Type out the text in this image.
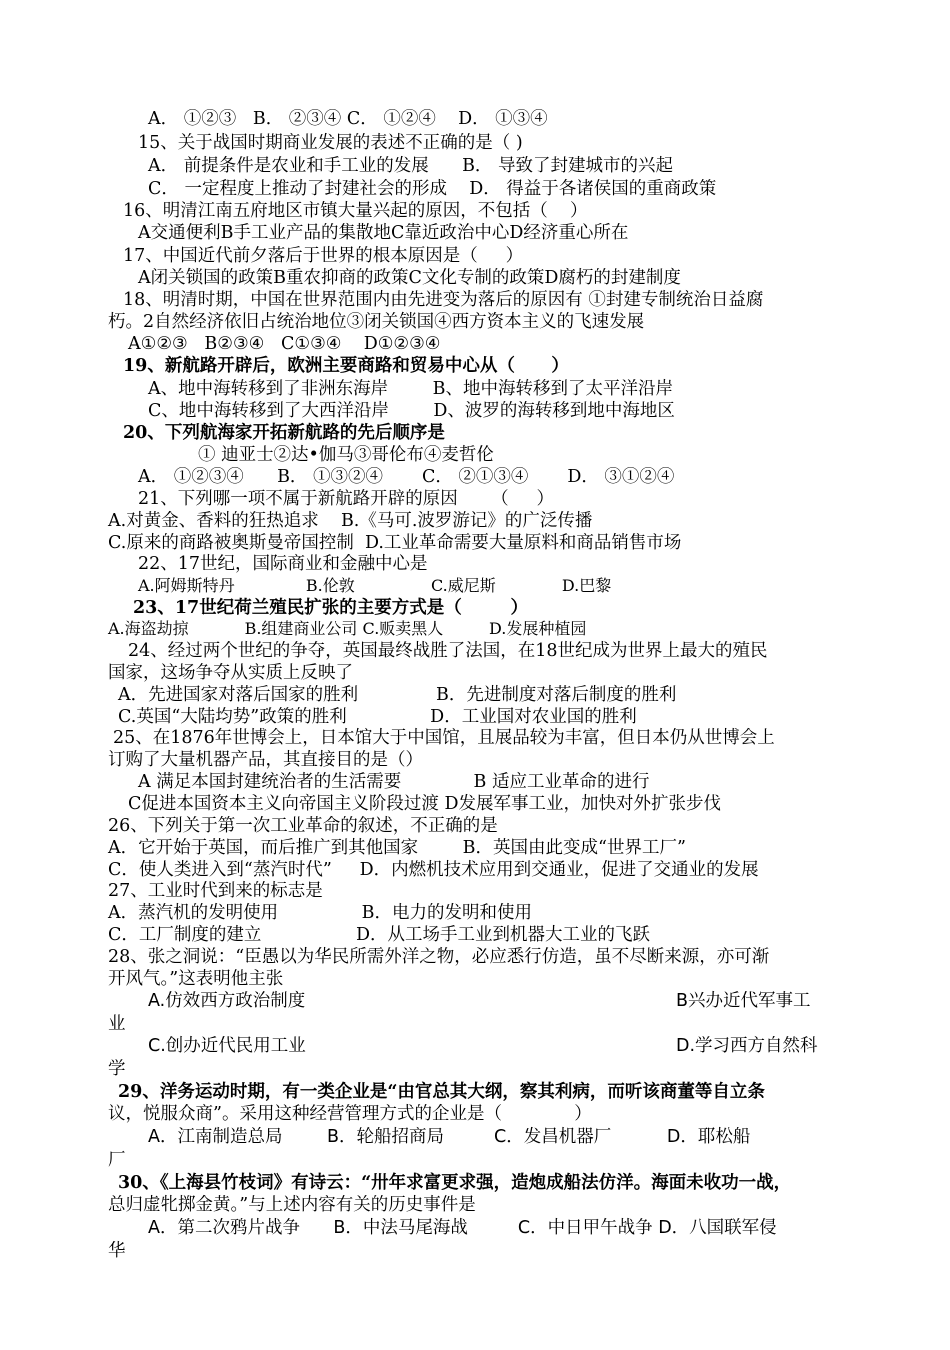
A． ①②③   B． ②③④ C． ①②④    D． ①③④
15、关于战国时期商业发展的表述不正确的是（ )
A． 前提条件是农业和手工业的发展      B． 导致了封建城市的兴起
C． 一定程度上推动了封建社会的形成    D． 得益于各诸侯国的重商政策
16、明清江南五府地区市镇大量兴起的原因，不包括（    ）
A交通便利B手工业产品的集散地C靠近政治中心D经济重心所在
17、中国近代前夕落后于世界的根本原因是（     ）
A闭关锁国的政策B重农抑商的政策C文化专制的政策D腐朽的封建制度
18、明清时期，中国在世界范围内由先进变为落后的原因有 ①封建专制统治日益腐
朽。2自然经济依旧占统治地位③闭关锁国④西方资本主义的飞速发展
A①②③   B②③④   C①③④    D①②③④
19、新航路开辟后，欧洲主要商路和贸易中心从（      ）
A、地中海转移到了非洲东海岸        B、地中海转移到了太平洋沿岸
C、地中海转移到了大西洋沿岸        D、波罗的海转移到地中海地区
20、下列航海家开拓新航路的先后顺序是
① 迪亚士②达•伽马③哥伦布④麦哲伦
A． ①②③④      B． ①③②④       C． ②①③④       D． ③①②④
21、下列哪一项不属于新航路开辟的原因      （     ）
A.对黄金、香料的狂热追求    B.《马可.波罗游记》的广泛传播
C.原来的商路被奥斯曼帝国控制  D.工业革命需要大量原料和商品销售市场
22、17世纪，国际商业和金融中心是
A.阿姆斯特丹              B.伦敦               C.威尼斯             D.巴黎
23、17世纪荷兰殖民扩张的主要方式是（        ）
A.海盗劫掠           B.组建商业公司 C.贩卖黑人         D.发展种植园
24、经过两个世纪的争夺，英国最终战胜了法国，在18世纪成为世界上最大的殖民
国家，这场争夺从实质上反映了
A．先进国家对落后国家的胜利              B．先进制度对落后制度的胜利
C.英国“大陆均势”政策的胜利               D．工业国对农业国的胜利
25、在1876年世博会上，日本馆大于中国馆，且展品较为丰富，但日本仍从世博会上
订购了大量机器产品，其直接目的是（）
A 满足本国封建统治者的生活需要             B 适应工业革命的进行
C促进本国资本主义向帝国主义阶段过渡 D发展军事工业，加快对外扩张步伐
26、下列关于第一次工业革命的叙述，不正确的是
A．它开始于英国，而后推广到其他国家        B．英国由此变成“世界工厂”
C．使人类进入到“蒸汽时代”     D．内燃机技术应用到交通业，促进了交通业的发展
27、工业时代到来的标志是
A．蒸汽机的发明使用               B．电力的发明和使用
C．工厂制度的建立                 D．从工场手工业到机器大工业的飞跃
28、张之洞说：“臣愚以为华民所需外洋之物，必应悉行仿造，虽不尽断来源，亦可渐
开风气。”这表明他主张
A.仿效西方政治制度	B兴办近代军事工
业
C.创办近代民用工业	D.学习西方自然科
学
29、洋务运动时期，有一类企业是“由官总其大纲，察其利病，而听该商董等自立条
议，悦服众商”。采用这种经营管理方式的企业是（             ）
A．江南制造总局        B．轮船招商局         C．发昌机器厂          D．耶松船
厂
30、《上海县竹枝词》有诗云：“卅年求富更求强，造炮成船法仿洋。海面未收功一战，
总归虚牝掷金黄。”与上述内容有关的历史事件是
A．第二次鸦片战争      B．中法马尾海战         C．中日甲午战争 D．八国联军侵
华
